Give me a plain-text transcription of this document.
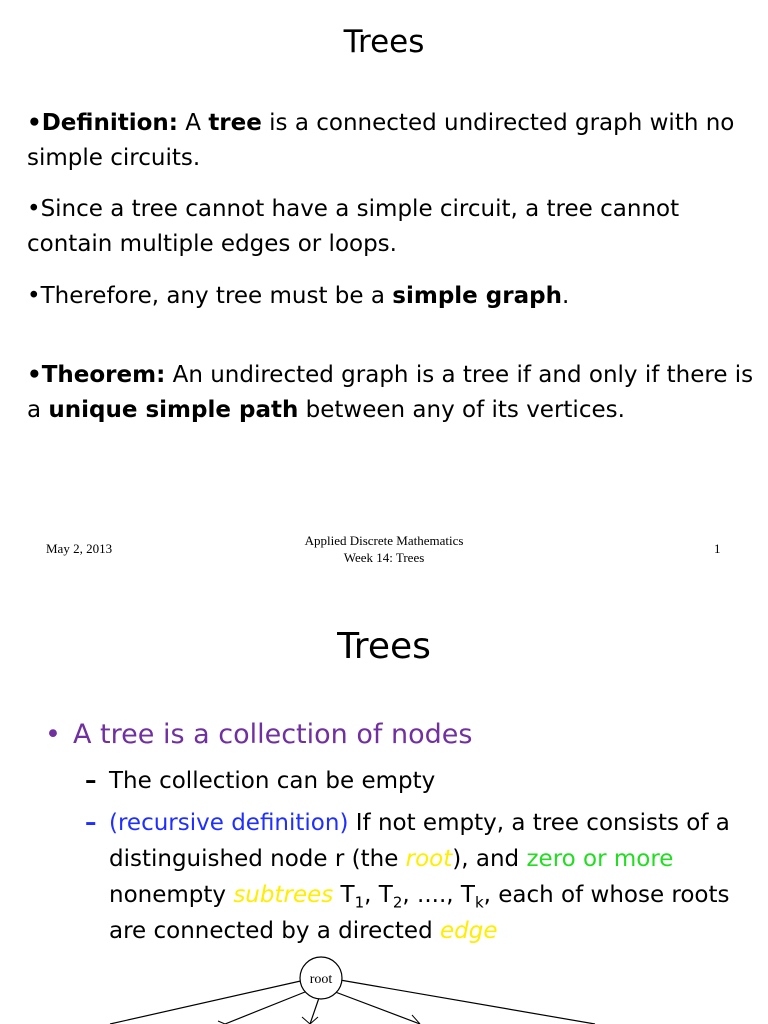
Trees
•Definition: A tree is a connected undirected graph with no simple circuits.
•Since a tree cannot have a simple circuit, a tree cannot contain multiple edges or loops.
•Therefore, any tree must be a simple graph.
•Theorem: An undirected graph is a tree if and only if there is a unique simple path between any of its vertices.
May 2, 2013
Applied Discrete Mathematics
Week 14: Trees
1
Trees
• A tree is a collection of nodes
– The collection can be empty
– (recursive definition) If not empty, a tree consists of a distinguished node r (the root), and zero or more nonempty subtrees $T_1$, $T_2$, ...., $T_k$, each of whose roots are connected by a directed edge
root
